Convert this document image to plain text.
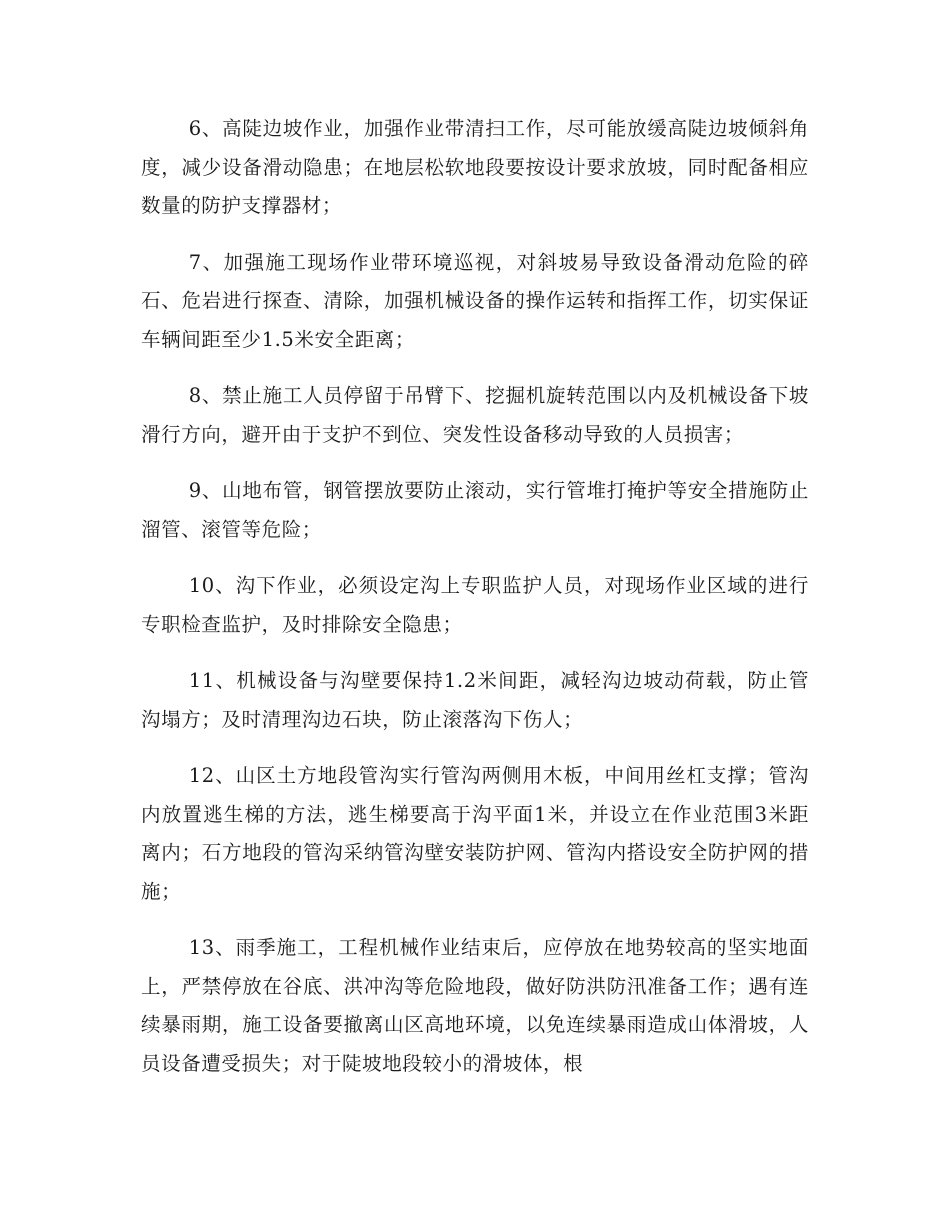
6、高陡边坡作业，加强作业带清扫工作，尽可能放缓高陡边坡倾斜角度，减少设备滑动隐患；在地层松软地段要按设计要求放坡，同时配备相应数量的防护支撑器材；

7、加强施工现场作业带环境巡视，对斜坡易导致设备滑动危险的碎石、危岩进行探查、清除，加强机械设备的操作运转和指挥工作，切实保证车辆间距至少1.5米安全距离；

8、禁止施工人员停留于吊臂下、挖掘机旋转范围以内及机械设备下坡滑行方向，避开由于支护不到位、突发性设备移动导致的人员损害；

9、山地布管，钢管摆放要防止滚动，实行管堆打掩护等安全措施防止溜管、滚管等危险；

10、沟下作业，必须设定沟上专职监护人员，对现场作业区域的进行专职检查监护，及时排除安全隐患；

11、机械设备与沟壁要保持1.2米间距，减轻沟边坡动荷载，防止管沟塌方；及时清理沟边石块，防止滚落沟下伤人；

12、山区土方地段管沟实行管沟两侧用木板，中间用丝杠支撑；管沟内放置逃生梯的方法，逃生梯要高于沟平面1米，并设立在作业范围3米距离内；石方地段的管沟采纳管沟壁安装防护网、管沟内搭设安全防护网的措施；

13、雨季施工，工程机械作业结束后，应停放在地势较高的坚实地面上，严禁停放在谷底、洪冲沟等危险地段，做好防洪防汛准备工作；遇有连续暴雨期，施工设备要撤离山区高地环境，以免连续暴雨造成山体滑坡，人员设备遭受损失；对于陡坡地段较小的滑坡体，根
